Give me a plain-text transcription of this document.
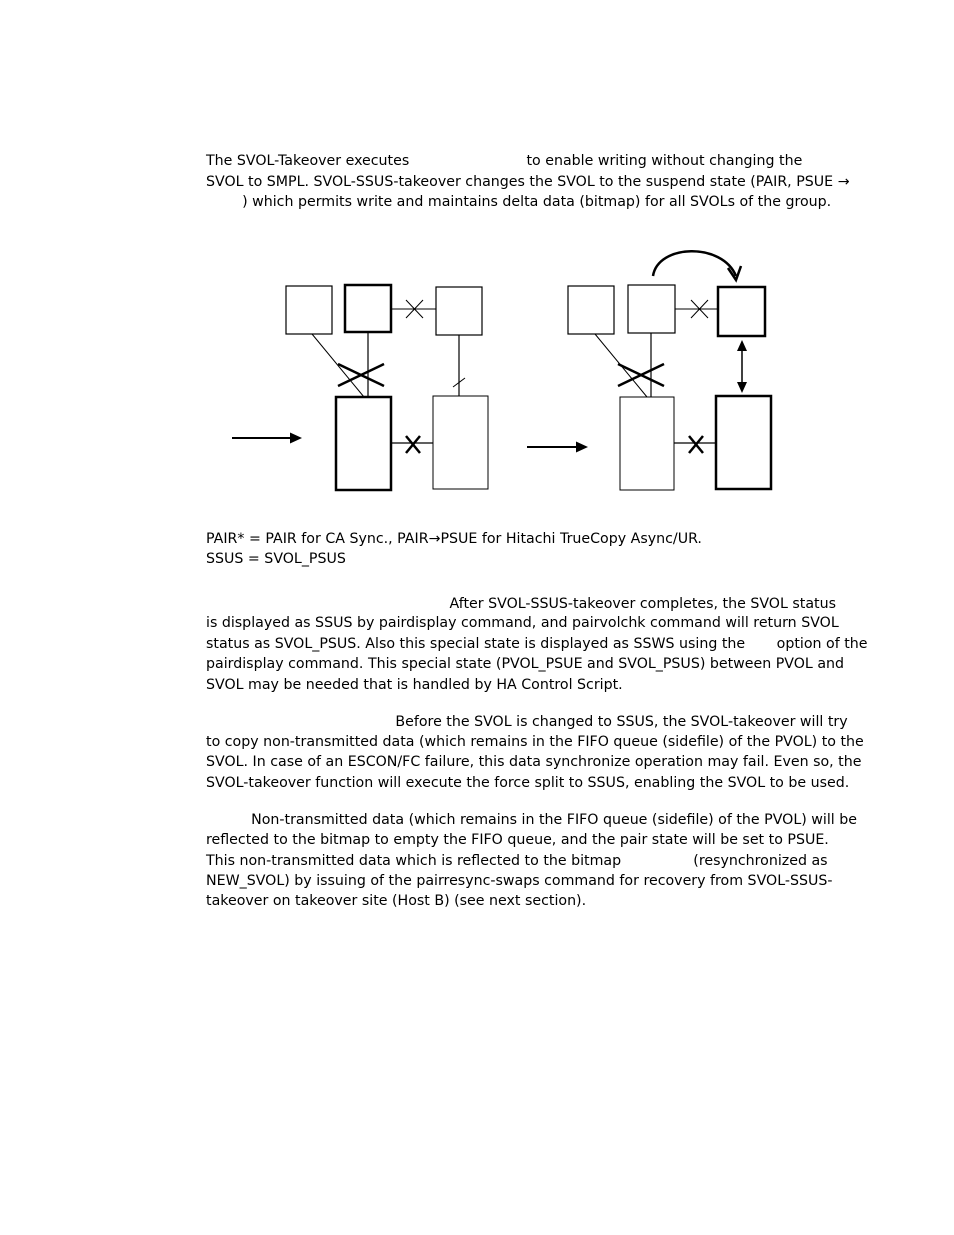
The SVOL-Takeover executes                          to enable writing without changing the
SVOL to SMPL. SVOL-SSUS-takeover changes the SVOL to the suspend state (PAIR, PSUE →
) which permits write and maintains delta data (bitmap) for all SVOLs of the group.
PAIR* = PAIR for CA Sync., PAIR→PSUE for Hitachi TrueCopy Async/UR.
SSUS = SVOL_PSUS
After SVOL-SSUS-takeover completes, the SVOL status
is displayed as SSUS by pairdisplay command, and pairvolchk command will return SVOL
status as SVOL_PSUS. Also this special state is displayed as SSWS using the       option of the
pairdisplay command. This special state (PVOL_PSUE and SVOL_PSUS) between PVOL and
SVOL may be needed that is handled by HA Control Script.
Before the SVOL is changed to SSUS, the SVOL-takeover will try
to copy non-transmitted data (which remains in the FIFO queue (sidefile) of the PVOL) to the
SVOL. In case of an ESCON/FC failure, this data synchronize operation may fail. Even so, the
SVOL-takeover function will execute the force split to SSUS, enabling the SVOL to be used.
Non-transmitted data (which remains in the FIFO queue (sidefile) of the PVOL) will be
reflected to the bitmap to empty the FIFO queue, and the pair state will be set to PSUE.
This non-transmitted data which is reflected to the bitmap                (resynchronized as
NEW_SVOL) by issuing of the pairresync-swaps command for recovery from SVOL-SSUS-
takeover on takeover site (Host B) (see next section).
